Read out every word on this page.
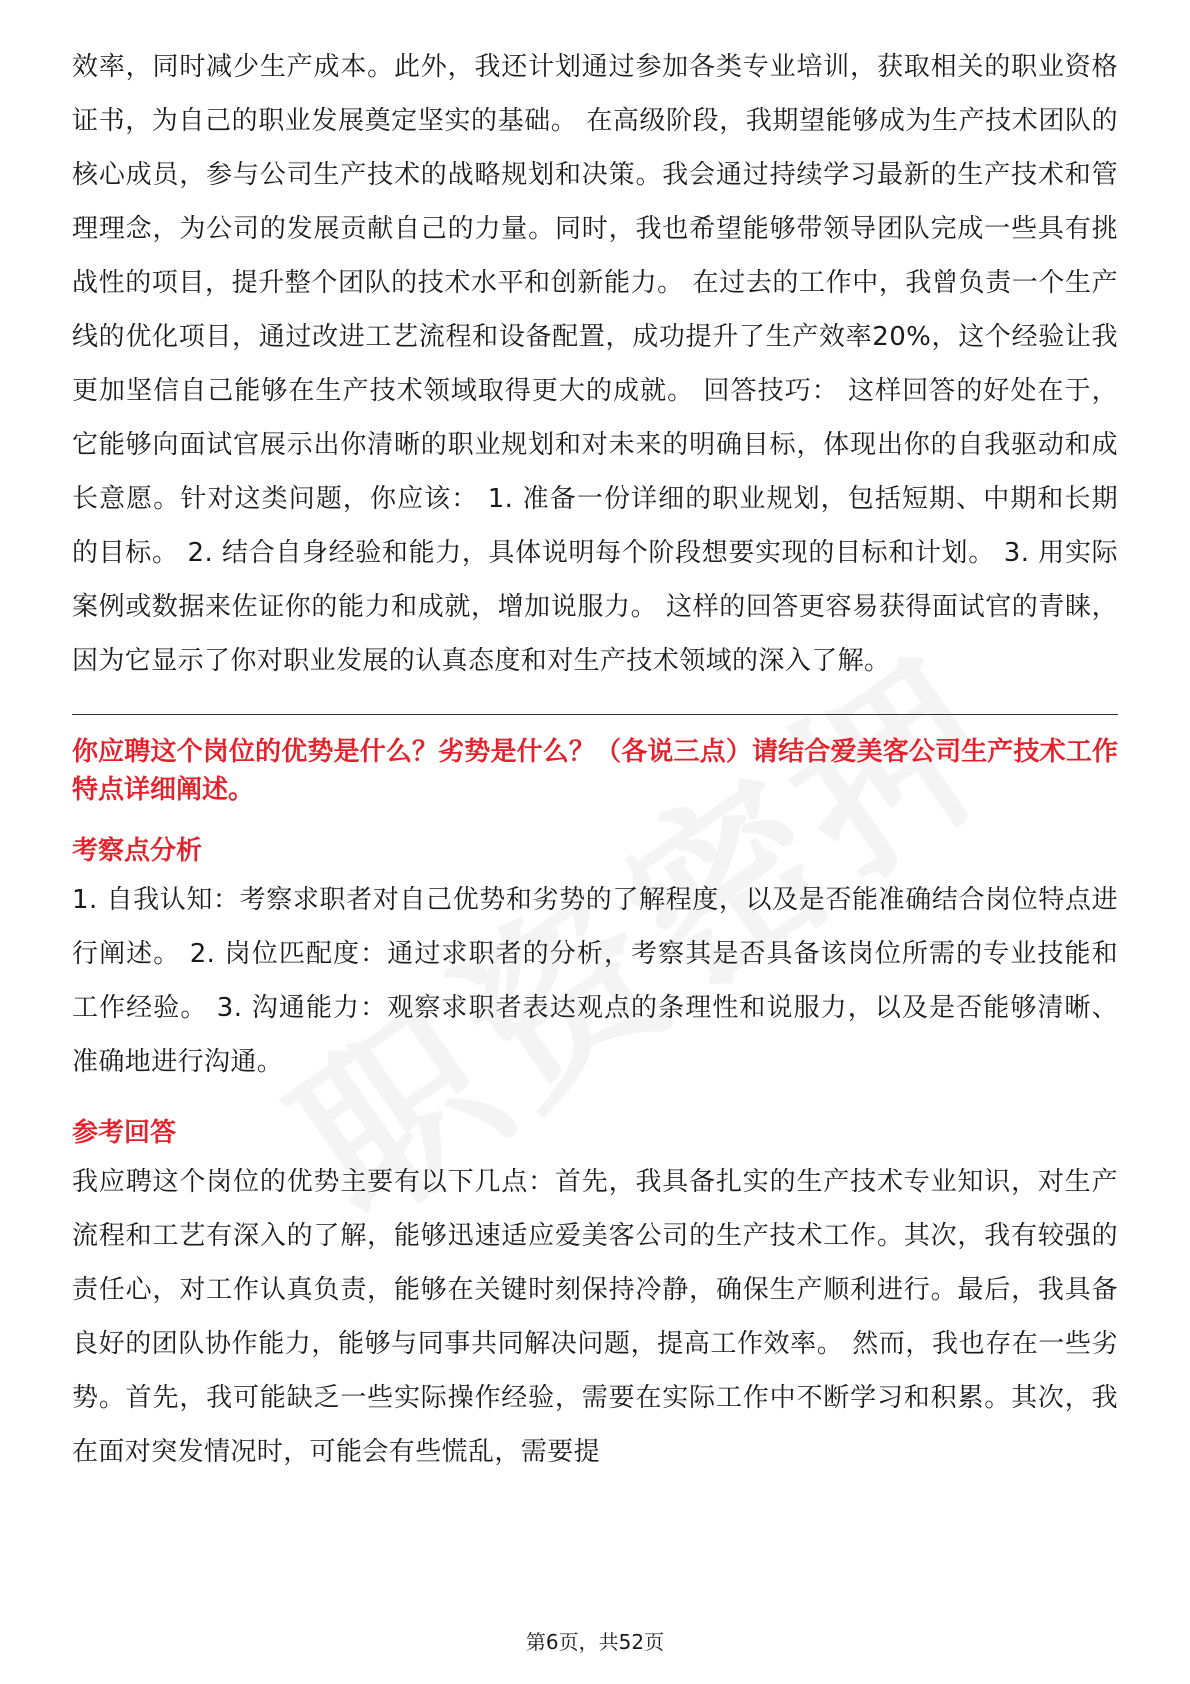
效率，同时减少生产成本。此外，我还计划通过参加各类专业培训，获取相关的职业资格证书，为自己的职业发展奠定坚实的基础。 在高级阶段，我期望能够成为生产技术团队的核心成员，参与公司生产技术的战略规划和决策。我会通过持续学习最新的生产技术和管理理念，为公司的发展贡献自己的力量。同时，我也希望能够带领导团队完成一些具有挑战性的项目，提升整个团队的技术水平和创新能力。 在过去的工作中，我曾负责一个生产线的优化项目，通过改进工艺流程和设备配置，成功提升了生产效率20%，这个经验让我更加坚信自己能够在生产技术领域取得更大的成就。 回答技巧： 这样回答的好处在于，它能够向面试官展示出你清晰的职业规划和对未来的明确目标，体现出你的自我驱动和成长意愿。针对这类问题，你应该： 1. 准备一份详细的职业规划，包括短期、中期和长期的目标。 2. 结合自身经验和能力，具体说明每个阶段想要实现的目标和计划。 3. 用实际案例或数据来佐证你的能力和成就，增加说服力。 这样的回答更容易获得面试官的青睐，因为它显示了你对职业发展的认真态度和对生产技术领域的深入了解。

你应聘这个岗位的优势是什么？劣势是什么？（各说三点）请结合爱美客公司生产技术工作特点详细阐述。

考察点分析

1. 自我认知：考察求职者对自己优势和劣势的了解程度，以及是否能准确结合岗位特点进行阐述。 2. 岗位匹配度：通过求职者的分析，考察其是否具备该岗位所需的专业技能和工作经验。 3. 沟通能力：观察求职者表达观点的条理性和说服力，以及是否能够清晰、准确地进行沟通。

参考回答

我应聘这个岗位的优势主要有以下几点：首先，我具备扎实的生产技术专业知识，对生产流程和工艺有深入的了解，能够迅速适应爱美客公司的生产技术工作。其次，我有较强的责任心，对工作认真负责，能够在关键时刻保持冷静，确保生产顺利进行。最后，我具备良好的团队协作能力，能够与同事共同解决问题，提高工作效率。 然而，我也存在一些劣势。首先，我可能缺乏一些实际操作经验，需要在实际工作中不断学习和积累。其次，我在面对突发情况时，可能会有些慌乱，需要提

第6页，共52页
